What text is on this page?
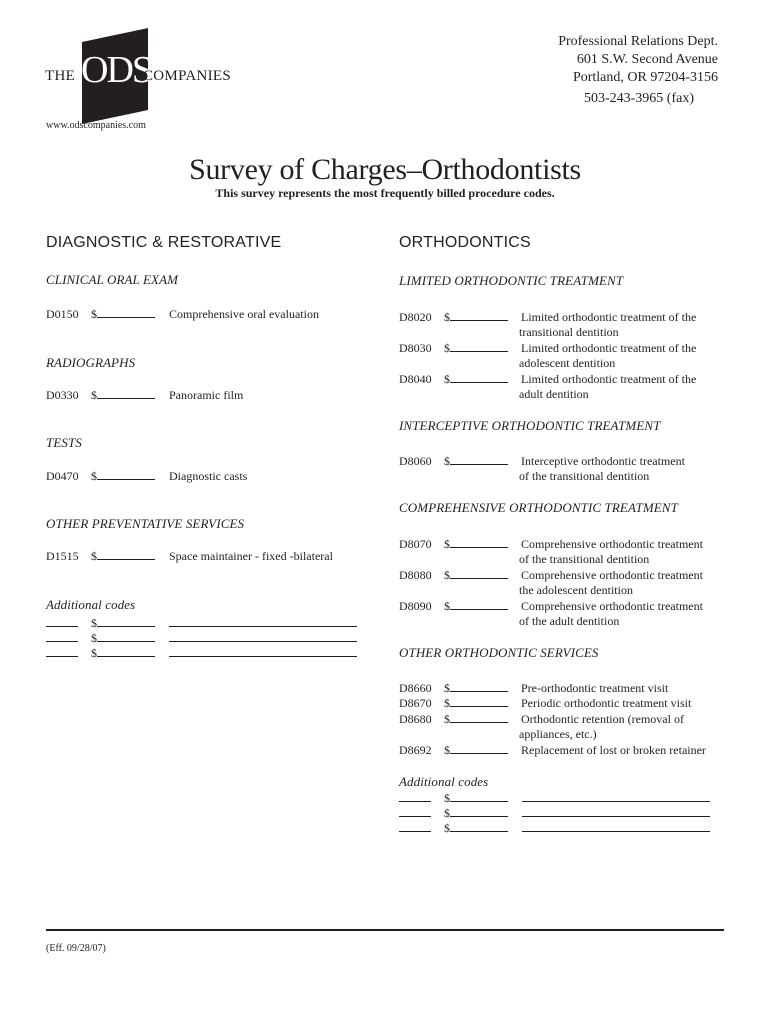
THE ODS
COMPANIES
www.odscompanies.com
Professional Relations Dept.
601 S.W. Second Avenue
Portland, OR 97204-3156
503-243-3965 (fax)
Survey of Charges–Orthodontists
This survey represents the most frequently billed procedure codes.
DIAGNOSTIC & RESTORATIVE
CLINICAL ORAL EXAM
D0150 $	Comprehensive oral evaluation
RADIOGRAPHS
D0330 $	Panoramic film
TESTS
D0470 $	Diagnostic casts
OTHER PREVENTATIVE SERVICES
D1515 $	Space maintainer - fixed -bilateral
Additional codes
$
$
$
ORTHODONTICS
LIMITED ORTHODONTIC TREATMENT
D8020 $	Limited orthodontic treatment of the
transitional dentition
D8030 $	Limited orthodontic treatment of the
adolescent dentition
D8040 $	Limited orthodontic treatment of the
adult dentition
INTERCEPTIVE ORTHODONTIC TREATMENT
D8060 $	Interceptive orthodontic treatment
of the transitional dentition
COMPREHENSIVE ORTHODONTIC TREATMENT
D8070 $	Comprehensive orthodontic treatment
of the transitional dentition
D8080 $	Comprehensive orthodontic treatment
the adolescent dentition
D8090 $	Comprehensive orthodontic treatment
of the adult dentition
OTHER ORTHODONTIC SERVICES
D8660 $	Pre-orthodontic treatment visit
D8670 $	Periodic orthodontic treatment visit
D8680 $	Orthodontic retention (removal of
appliances, etc.)
D8692 $	Replacement of lost or broken retainer
Additional codes
$
$
$
(Eff. 09/28/07)
